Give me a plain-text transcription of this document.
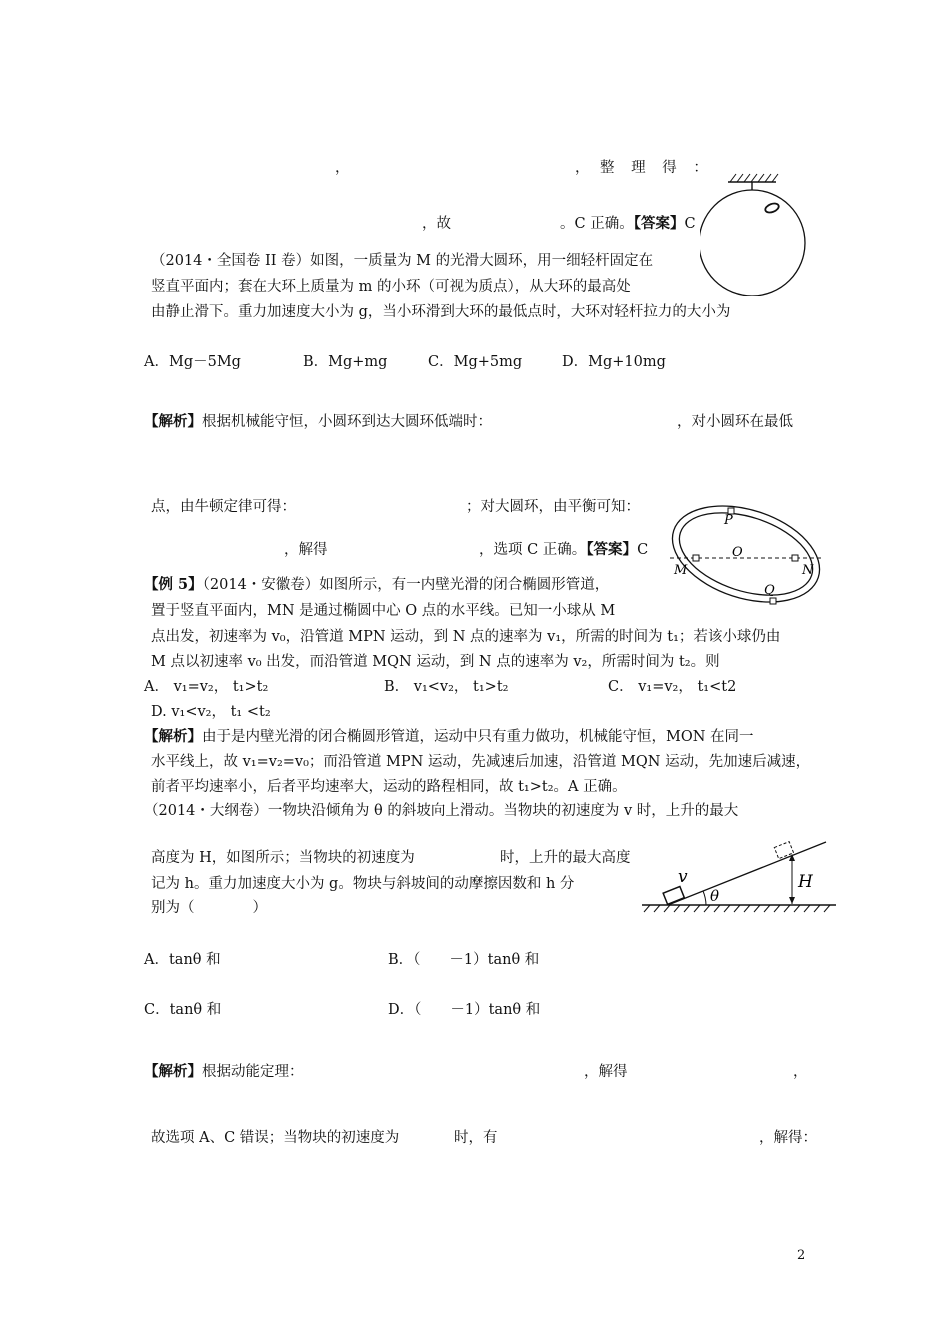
，	， 整 理 得 ：
，故	。C 正确。【答案】C
（2014・全国卷 II 卷）如图，一质量为 M 的光滑大圆环，用一细轻杆固定在
竖直平面内；套在大环上质量为 m 的小环（可视为质点），从大环的最高处
由静止滑下。重力加速度大小为 g，当小环滑到大环的最低点时，大环对轻杆拉力的大小为
A．Mg－5Mg	B．Mg+mg	C．Mg+5mg	D．Mg+10mg
【解析】根据机械能守恒，小圆环到达大圆环低端时：	，对小圆环在最低
点，由牛顿定律可得：	；对大圆环，由平衡可知：
，解得	，选项 C 正确。【答案】C
P
O
M	N
Q
【例 5】（2014・安徽卷）如图所示，有一内壁光滑的闭合椭圆形管道，
置于竖直平面内，MN 是通过椭圆中心 O 点的水平线。已知一小球从 M
点出发，初速率为 v₀，沿管道 MPN 运动，到 N 点的速率为 v₁，所需的时间为 t₁；若该小球仍由
M 点以初速率 v₀ 出发，而沿管道 MQN 运动，到 N 点的速率为 v₂，所需时间为 t₂。则
A． v₁=v₂， t₁>t₂	B． v₁<v₂， t₁>t₂	C． v₁=v₂， t₁<t2
D. v₁<v₂， t₁ <t₂
【解析】由于是内壁光滑的闭合椭圆形管道，运动中只有重力做功，机械能守恒，MON 在同一
水平线上，故 v₁=v₂=v₀；而沿管道 MPN 运动，先减速后加速，沿管道 MQN 运动，先加速后减速，
前者平均速率小，后者平均速率大，运动的路程相同，故 t₁>t₂。A 正确。
（2014・大纲卷）一物块沿倾角为 θ 的斜坡向上滑动。当物块的初速度为 v 时，上升的最大
高度为 H，如图所示；当物块的初速度为	时，上升的最大高度
记为 h。重力加速度大小为 g。物块与斜坡间的动摩擦因数和 h 分
别为（　　　　）
v
θ
H
A．tanθ 和	B．（　　－1）tanθ 和
C．tanθ 和	D．（　　－1）tanθ 和
【解析】根据动能定理：	，解得	，
故选项 A、C 错误；当物块的初速度为	时，有	，解得：
2
